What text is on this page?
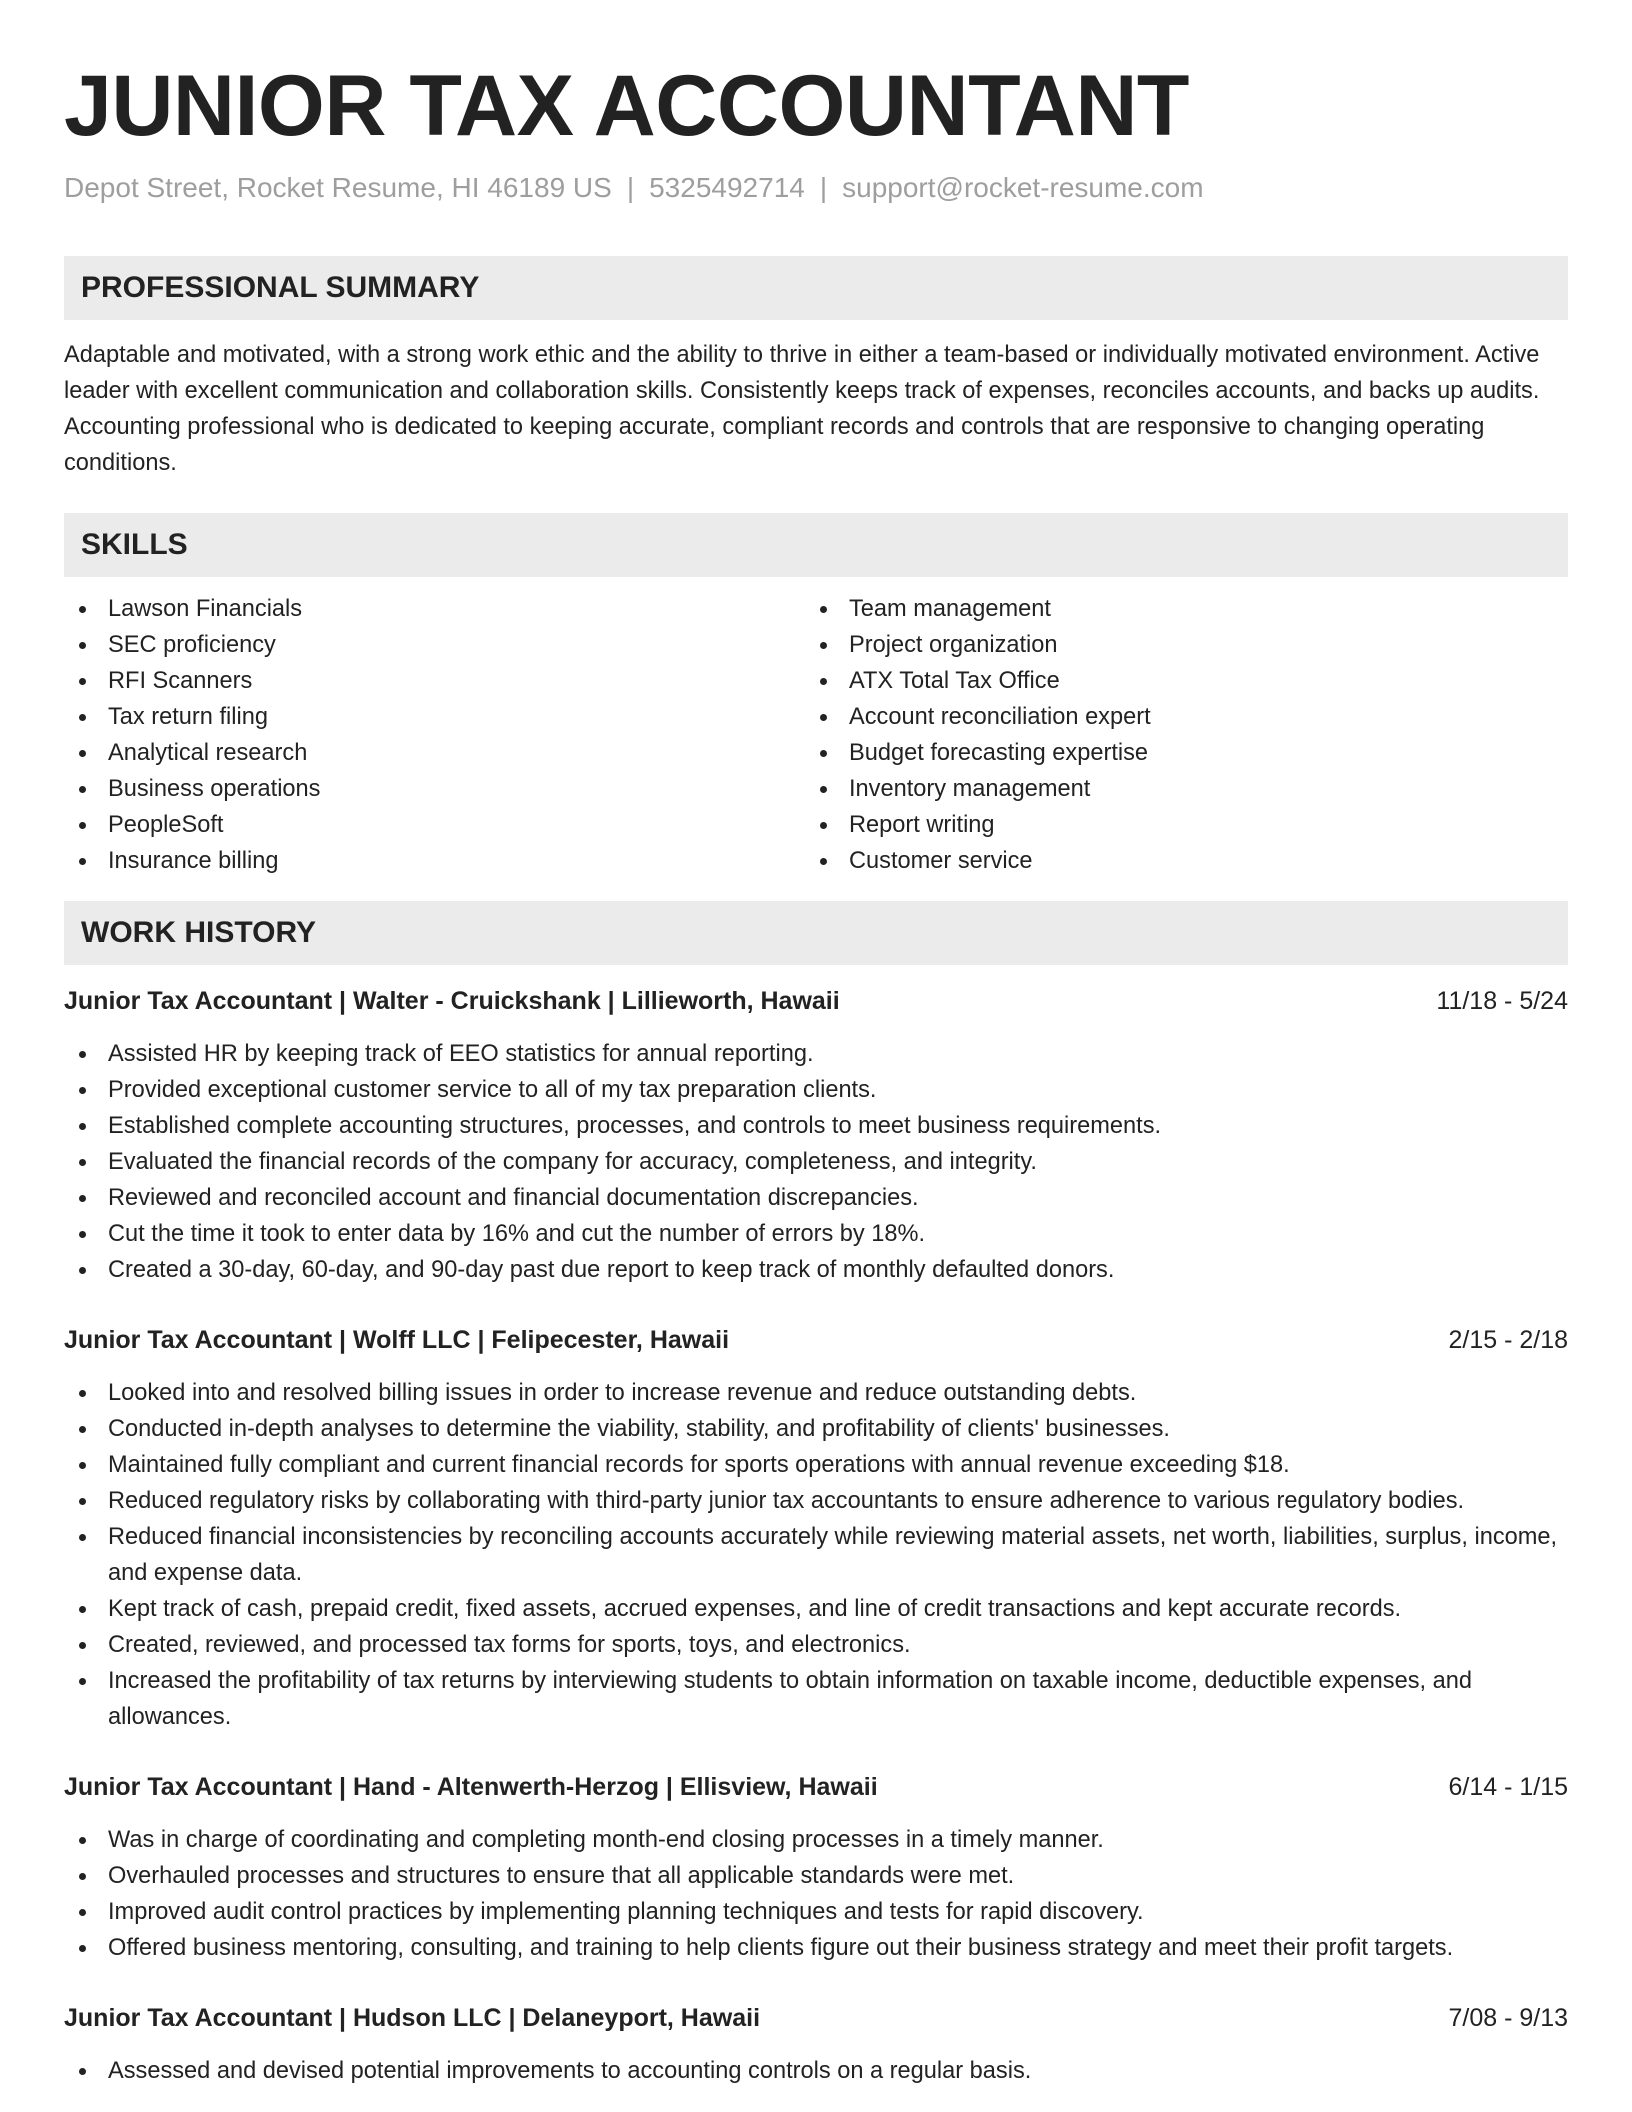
JUNIOR TAX ACCOUNTANT
Depot Street, Rocket Resume, HI 46189 US | 5325492714 | support@rocket-resume.com
PROFESSIONAL SUMMARY

Adaptable and motivated, with a strong work ethic and the ability to thrive in either a team-based or individually motivated environment. Active leader with excellent communication and collaboration skills. Consistently keeps track of expenses, reconciles accounts, and backs up audits. Accounting professional who is dedicated to keeping accurate, compliant records and controls that are responsive to changing operating conditions.

SKILLS
Lawson Financials
SEC proficiency
RFI Scanners
Tax return filing
Analytical research
Business operations
PeopleSoft
Insurance billing
Team management
Project organization
ATX Total Tax Office
Account reconciliation expert
Budget forecasting expertise
Inventory management
Report writing
Customer service
WORK HISTORY
Junior Tax Accountant | Walter - Cruickshank | Lillieworth, Hawaii	11/18 - 5/24
Assisted HR by keeping track of EEO statistics for annual reporting.
Provided exceptional customer service to all of my tax preparation clients.
Established complete accounting structures, processes, and controls to meet business requirements.
Evaluated the financial records of the company for accuracy, completeness, and integrity.
Reviewed and reconciled account and financial documentation discrepancies.
Cut the time it took to enter data by 16% and cut the number of errors by 18%.
Created a 30-day, 60-day, and 90-day past due report to keep track of monthly defaulted donors.
Junior Tax Accountant | Wolff LLC | Felipecester, Hawaii	2/15 - 2/18
Looked into and resolved billing issues in order to increase revenue and reduce outstanding debts.
Conducted in-depth analyses to determine the viability, stability, and profitability of clients' businesses.
Maintained fully compliant and current financial records for sports operations with annual revenue exceeding $18.
Reduced regulatory risks by collaborating with third-party junior tax accountants to ensure adherence to various regulatory bodies.
Reduced financial inconsistencies by reconciling accounts accurately while reviewing material assets, net worth, liabilities, surplus, income, and expense data.
Kept track of cash, prepaid credit, fixed assets, accrued expenses, and line of credit transactions and kept accurate records.
Created, reviewed, and processed tax forms for sports, toys, and electronics.
Increased the profitability of tax returns by interviewing students to obtain information on taxable income, deductible expenses, and allowances.
Junior Tax Accountant | Hand - Altenwerth-Herzog | Ellisview, Hawaii	6/14 - 1/15
Was in charge of coordinating and completing month-end closing processes in a timely manner.
Overhauled processes and structures to ensure that all applicable standards were met.
Improved audit control practices by implementing planning techniques and tests for rapid discovery.
Offered business mentoring, consulting, and training to help clients figure out their business strategy and meet their profit targets.
Junior Tax Accountant | Hudson LLC | Delaneyport, Hawaii	7/08 - 9/13
Assessed and devised potential improvements to accounting controls on a regular basis.
